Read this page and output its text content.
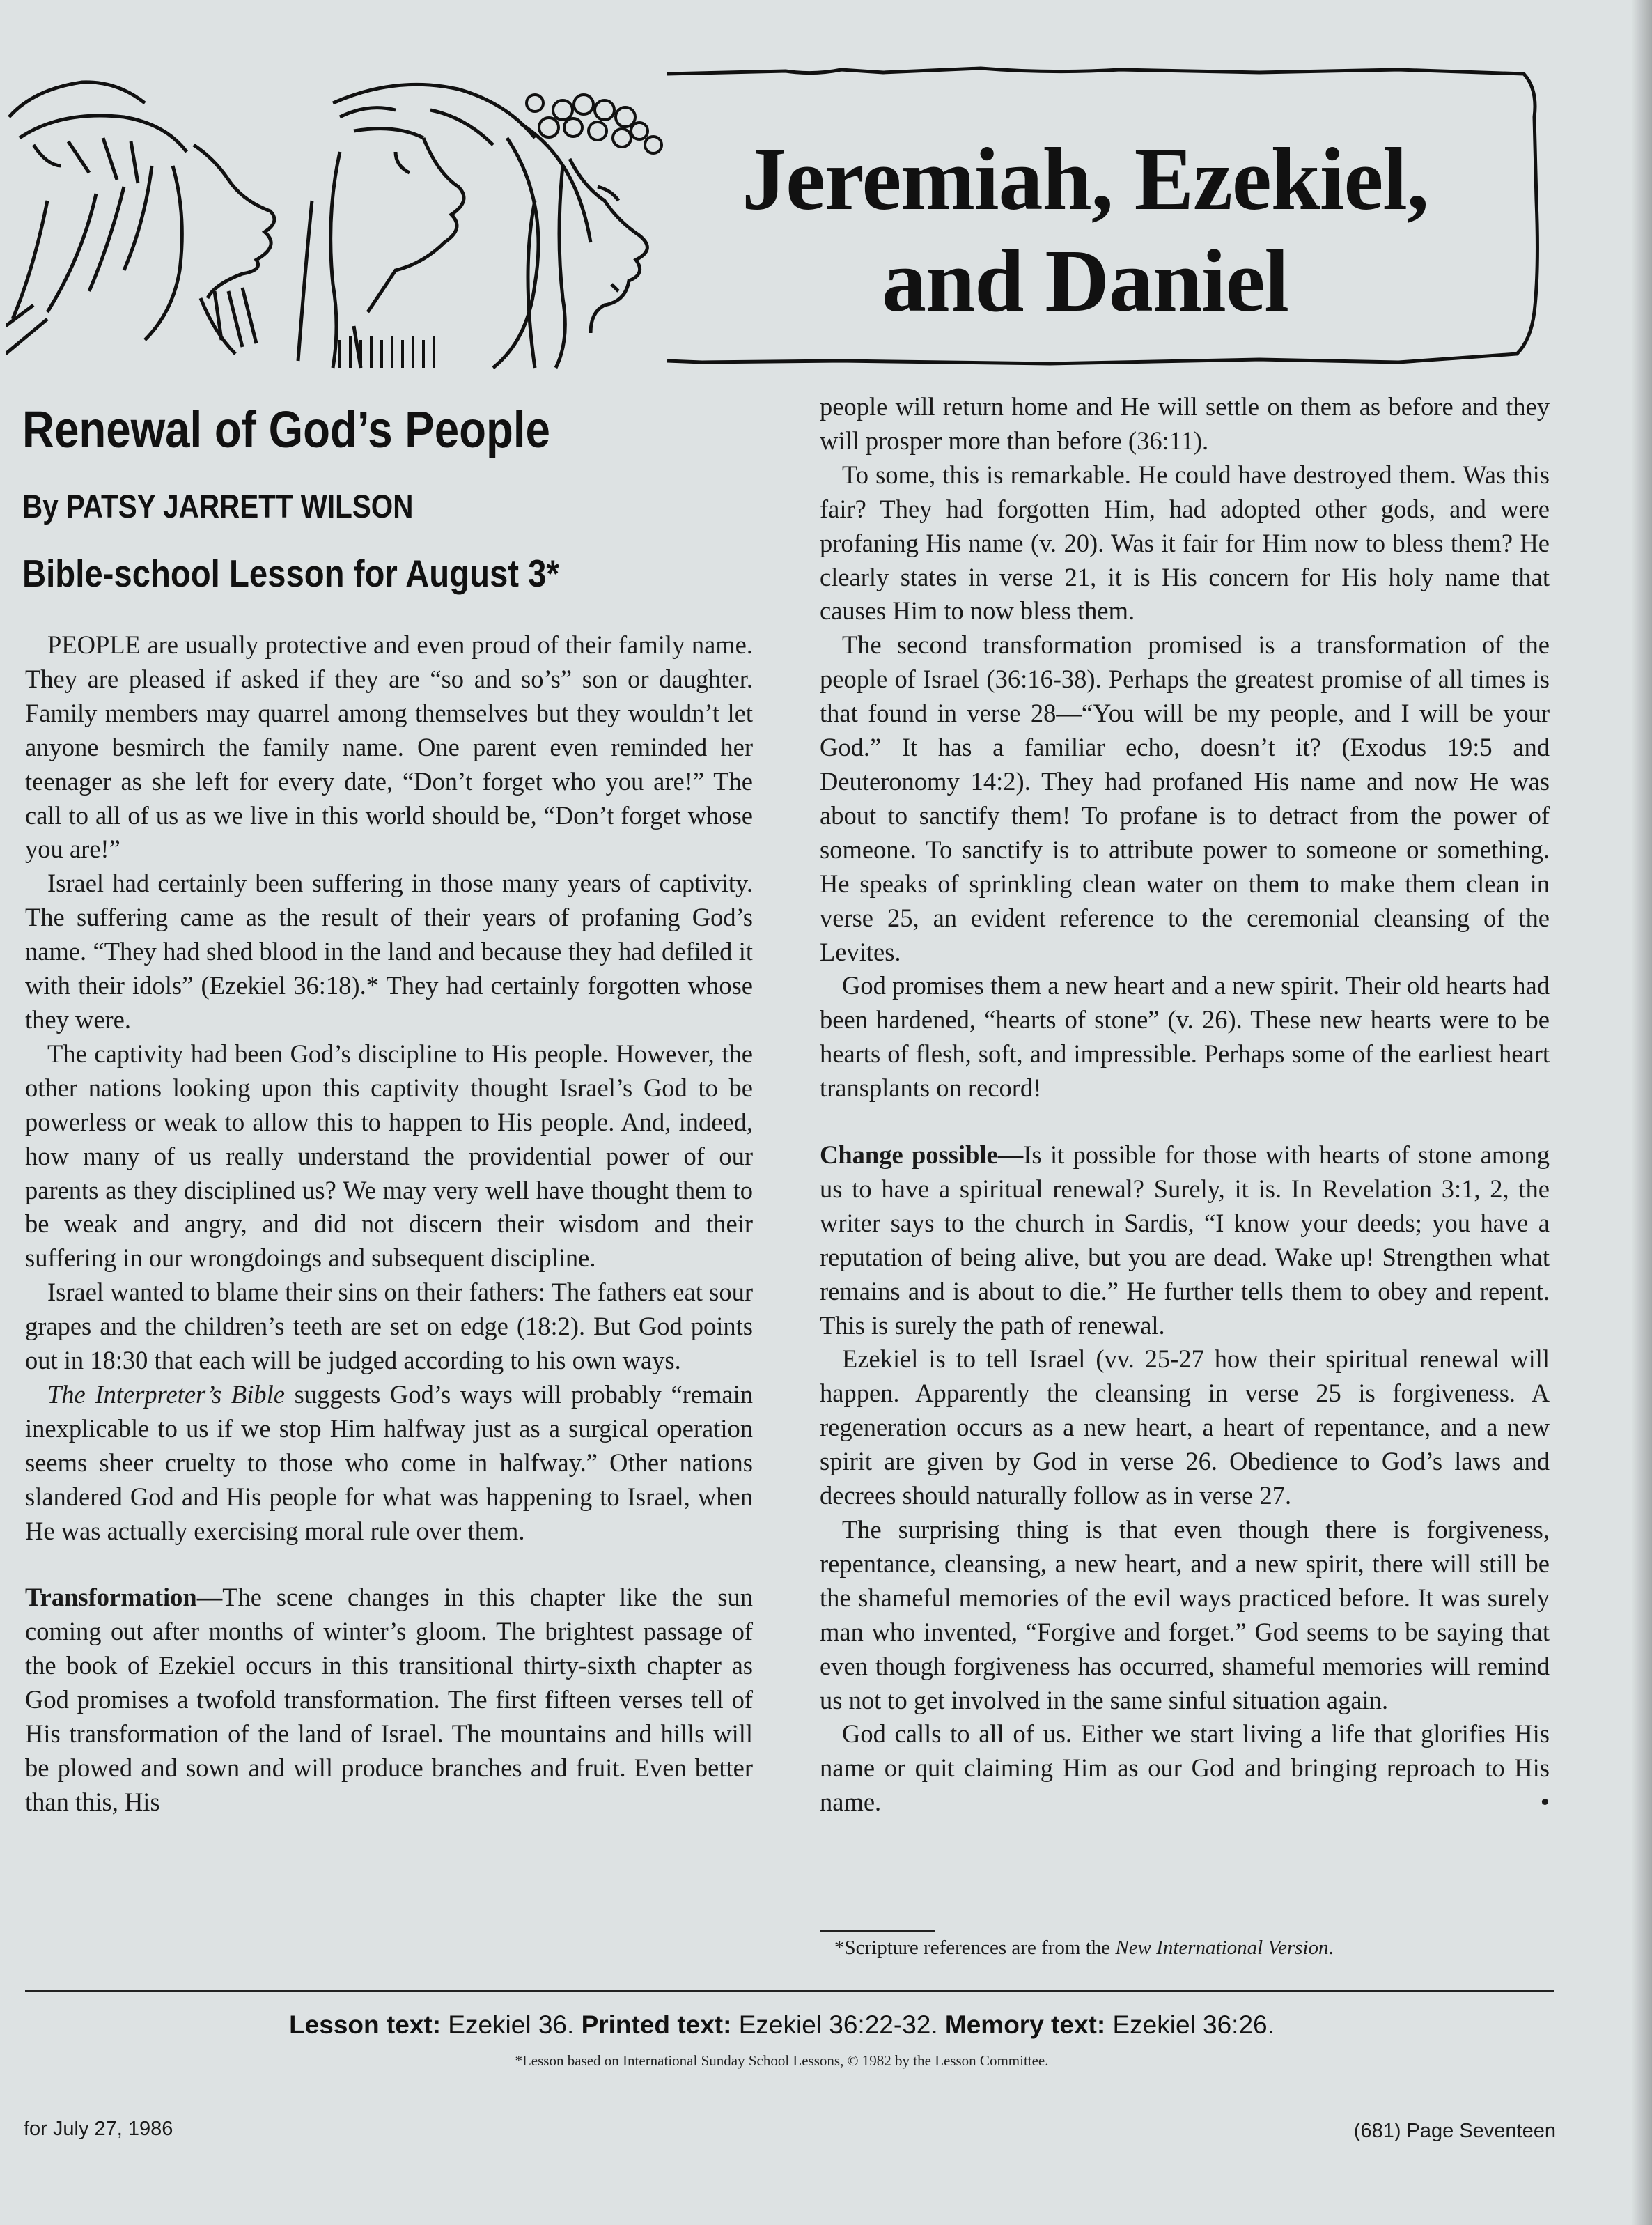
Jeremiah, Ezekiel,
and Daniel
Renewal of God’s People
By PATSY JARRETT WILSON
Bible-school Lesson for August 3*

PEOPLE are usually protective and even proud of their family name. They are pleased if asked if they are “so and so’s” son or daughter. Family members may quarrel among themselves but they wouldn’t let anyone besmirch the family name. One parent even reminded her teenager as she left for every date, “Don’t forget who you are!” The call to all of us as we live in this world should be, “Don’t forget whose you are!”

Israel had certainly been suffering in those many years of captivity. The suffering came as the result of their years of profaning God’s name. “They had shed blood in the land and because they had defiled it with their idols” (Ezekiel 36:18).* They had certainly forgotten whose they were.

The captivity had been God’s discipline to His people. However, the other nations looking upon this captivity thought Israel’s God to be powerless or weak to allow this to happen to His people. And, indeed, how many of us really understand the providential power of our parents as they disciplined us? We may very well have thought them to be weak and angry, and did not discern their wisdom and their suffering in our wrongdoings and subsequent discipline.

Israel wanted to blame their sins on their fathers: The fathers eat sour grapes and the children’s teeth are set on edge (18:2). But God points out in 18:30 that each will be judged according to his own ways.

The Interpreter’s Bible suggests God’s ways will probably “remain inexplicable to us if we stop Him halfway just as a surgical operation seems sheer cruelty to those who come in halfway.” Other nations slandered God and His people for what was happening to Israel, when He was actually exercising moral rule over them.

Transformation—The scene changes in this chapter like the sun coming out after months of winter’s gloom. The brightest passage of the book of Ezekiel occurs in this transitional thirty-sixth chapter as God promises a twofold transformation. The first fifteen verses tell of His transformation of the land of Israel. The mountains and hills will be plowed and sown and will produce branches and fruit. Even better than this, His

people will return home and He will settle on them as before and they will prosper more than before (36:11).

To some, this is remarkable. He could have destroyed them. Was this fair? They had forgotten Him, had adopted other gods, and were profaning His name (v. 20). Was it fair for Him now to bless them? He clearly states in verse 21, it is His concern for His holy name that causes Him to now bless them.

The second transformation promised is a transformation of the people of Israel (36:16-38). Perhaps the greatest promise of all times is that found in verse 28—“You will be my people, and I will be your God.” It has a familiar echo, doesn’t it? (Exodus 19:5 and Deuteronomy 14:2). They had profaned His name and now He was about to sanctify them! To profane is to detract from the power of someone. To sanctify is to attribute power to someone or something. He speaks of sprinkling clean water on them to make them clean in verse 25, an evident reference to the ceremonial cleansing of the Levites.

God promises them a new heart and a new spirit. Their old hearts had been hardened, “hearts of stone” (v. 26). These new hearts were to be hearts of flesh, soft, and impressible. Perhaps some of the earliest heart transplants on record!

Change possible—Is it possible for those with hearts of stone among us to have a spiritual renewal? Surely, it is. In Revelation 3:1, 2, the writer says to the church in Sardis, “I know your deeds; you have a reputation of being alive, but you are dead. Wake up! Strengthen what remains and is about to die.” He further tells them to obey and repent. This is surely the path of renewal.

Ezekiel is to tell Israel (vv. 25-27 how their spiritual renewal will happen. Apparently the cleansing in verse 25 is forgiveness. A regeneration occurs as a new heart, a heart of repentance, and a new spirit are given by God in verse 26. Obedience to God’s laws and decrees should naturally follow as in verse 27.

The surprising thing is that even though there is forgiveness, repentance, cleansing, a new heart, and a new spirit, there will still be the shameful memories of the evil ways practiced before. It was surely man who invented, “Forgive and forget.” God seems to be saying that even though forgiveness has occurred, shameful memories will remind us not to get involved in the same sinful situation again.

God calls to all of us. Either we start living a life that glorifies His name or quit claiming Him as our God and bringing reproach to His name.	•

*Scripture references are from the New International Version.
Lesson text: Ezekiel 36. Printed text: Ezekiel 36:22-32. Memory text: Ezekiel 36:26.
*Lesson based on International Sunday School Lessons, © 1982 by the Lesson Committee.
for July 27, 1986	(681) Page Seventeen
